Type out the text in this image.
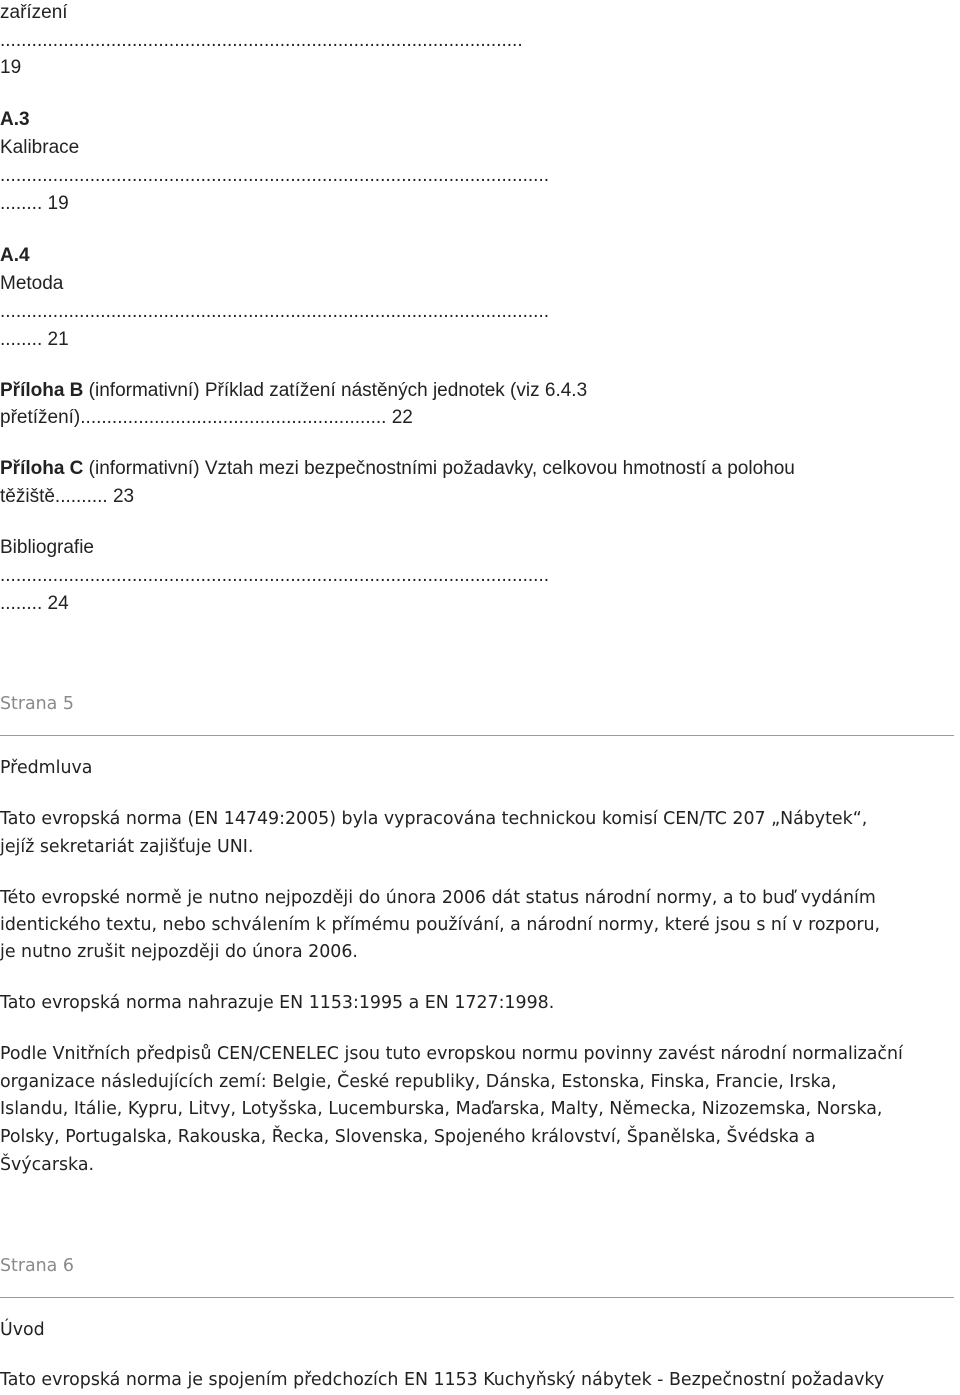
zařízení
...................................................................................................
19
A.3
Kalibrace
........................................................................................................
........ 19
A.4
Metoda
........................................................................................................
........ 21
Příloha B (informativní) Příklad zatížení nástěných jednotek (viz 6.4.3
přetížení).......................................................... 22
Příloha C (informativní) Vztah mezi bezpečnostními požadavky, celkovou hmotností a polohou
těžiště.......... 23
Bibliografie
........................................................................................................
........ 24
Strana 5
Předmluva
Tato evropská norma (EN 14749:2005) byla vypracována technickou komisí CEN/TC 207 „Nábytek“,
jejíž sekretariát zajišťuje UNI.
Této evropské normě je nutno nejpozději do února 2006 dát status národní normy, a to buď vydáním
identického textu, nebo schválením k přímému používání, a národní normy, které jsou s ní v rozporu,
je nutno zrušit nejpozději do února 2006.
Tato evropská norma nahrazuje EN 1153:1995 a EN 1727:1998.
Podle Vnitřních předpisů CEN/CENELEC jsou tuto evropskou normu povinny zavést národní normalizační
organizace následujících zemí: Belgie, České republiky, Dánska, Estonska, Finska, Francie, Irska,
Islandu, Itálie, Kypru, Litvy, Lotyšska, Lucemburska, Maďarska, Malty, Německa, Nizozemska, Norska,
Polsky, Portugalska, Rakouska, Řecka, Slovenska, Spojeného království, Španělska, Švédska a
Švýcarska.
Strana 6
Úvod
Tato evropská norma je spojením předchozích EN 1153 Kuchyňský nábytek - Bezpečnostní požadavky
